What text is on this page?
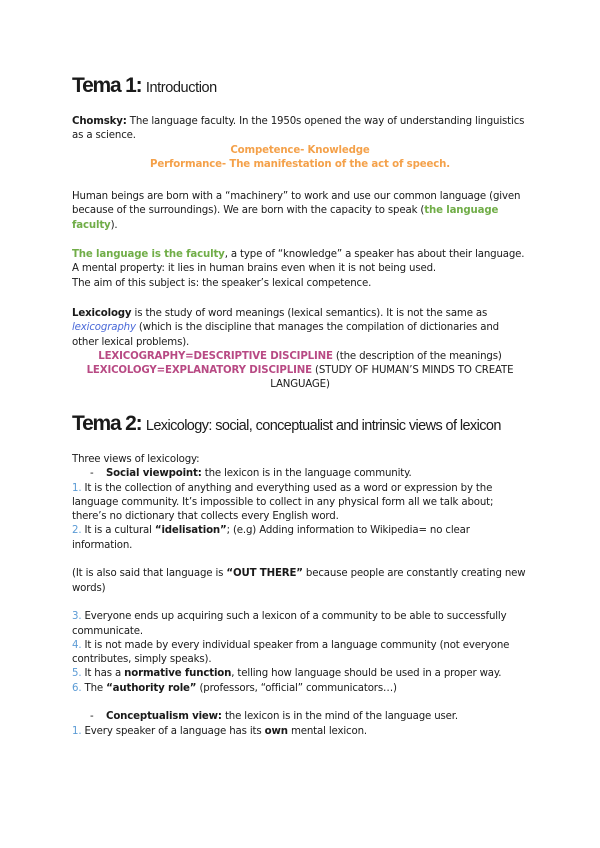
Tema 1: Introduction

Chomsky: The language faculty. In the 1950s opened the way of understanding linguistics

as a science.

Competence- Knowledge

Performance- The manifestation of the act of speech.

Human beings are born with a “machinery” to work and use our common language (given

because of the surroundings). We are born with the capacity to speak (the language

faculty).

The language is the faculty, a type of “knowledge” a speaker has about their language.

A mental property: it lies in human brains even when it is not being used.

The aim of this subject is: the speaker’s lexical competence.

Lexicology is the study of word meanings (lexical semantics). It is not the same as

lexicography (which is the discipline that manages the compilation of dictionaries and

other lexical problems).

LEXICOGRAPHY=DESCRIPTIVE DISCIPLINE (the description of the meanings)

LEXICOLOGY=EXPLANATORY DISCIPLINE (STUDY OF HUMAN’S MINDS TO CREATE

LANGUAGE)

Tema 2: Lexicology: social, conceptualist and intrinsic views of lexicon

Three views of lexicology:

-	Social viewpoint: the lexicon is in the language community.

1. It is the collection of anything and everything used as a word or expression by the

language community. It’s impossible to collect in any physical form all we talk about;

there’s no dictionary that collects every English word.

2. It is a cultural “idelisation”; (e.g) Adding information to Wikipedia= no clear

information.

(It is also said that language is “OUT THERE” because people are constantly creating new

words)

3. Everyone ends up acquiring such a lexicon of a community to be able to successfully

communicate.

4. It is not made by every individual speaker from a language community (not everyone

contributes, simply speaks).

5. It has a normative function, telling how language should be used in a proper way.

6. The “authority role” (professors, “official” communicators…)

-	Conceptualism view: the lexicon is in the mind of the language user.

1. Every speaker of a language has its own mental lexicon.
